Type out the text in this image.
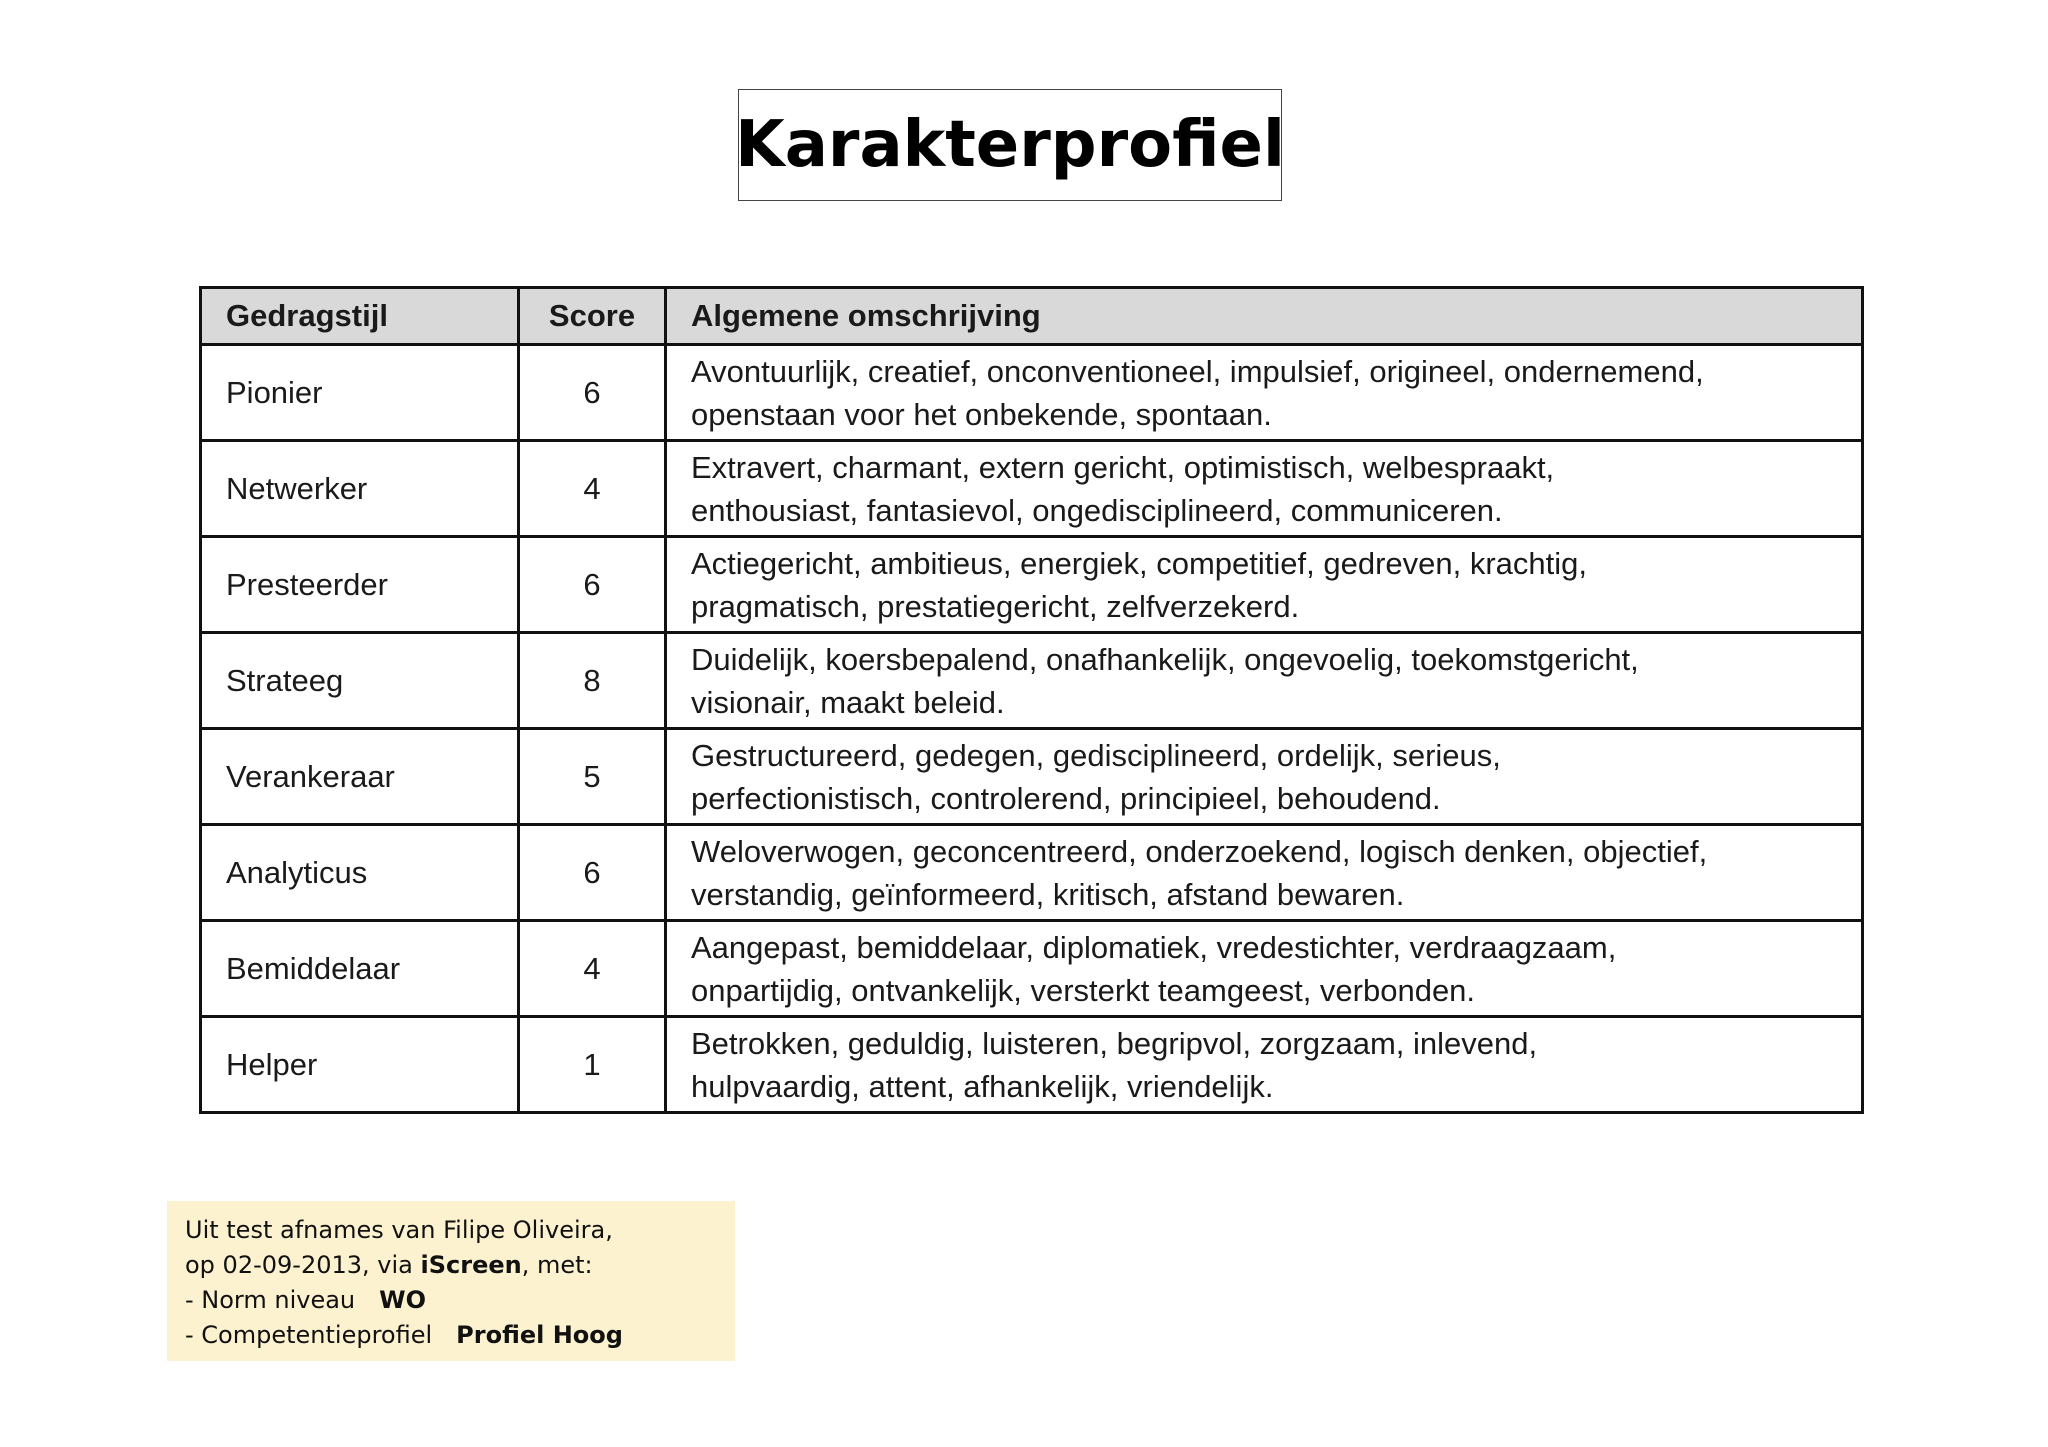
Karakterprofiel
Gedragstijl	Score	Algemene omschrijving
Pionier	6	Avontuurlijk, creatief, onconventioneel, impulsief, origineel, ondernemend,
openstaan voor het onbekende, spontaan.

Netwerker	4	Extravert, charmant, extern gericht, optimistisch, welbespraakt,
enthousiast, fantasievol, ongedisciplineerd, communiceren.

Presteerder	6	Actiegericht, ambitieus, energiek, competitief, gedreven, krachtig,
pragmatisch, prestatiegericht, zelfverzekerd.

Strateeg	8	Duidelijk, koersbepalend, onafhankelijk, ongevoelig, toekomstgericht,
visionair, maakt beleid.

Verankeraar	5	Gestructureerd, gedegen, gedisciplineerd, ordelijk, serieus,
perfectionistisch, controlerend, principieel, behoudend.

Analyticus	6	Weloverwogen, geconcentreerd, onderzoekend, logisch denken, objectief,
verstandig, geïnformeerd, kritisch, afstand bewaren.

Bemiddelaar	4	Aangepast, bemiddelaar, diplomatiek, vredestichter, verdraagzaam,
onpartijdig, ontvankelijk, versterkt teamgeest, verbonden.

Helper	1	Betrokken, geduldig, luisteren, begripvol, zorgzaam, inlevend,
hulpvaardig, attent, afhankelijk, vriendelijk.
Uit test afnames van Filipe Oliveira,
op 02-09-2013, via iScreen, met:
- Norm niveau WO
- Competentieprofiel Profiel Hoog
